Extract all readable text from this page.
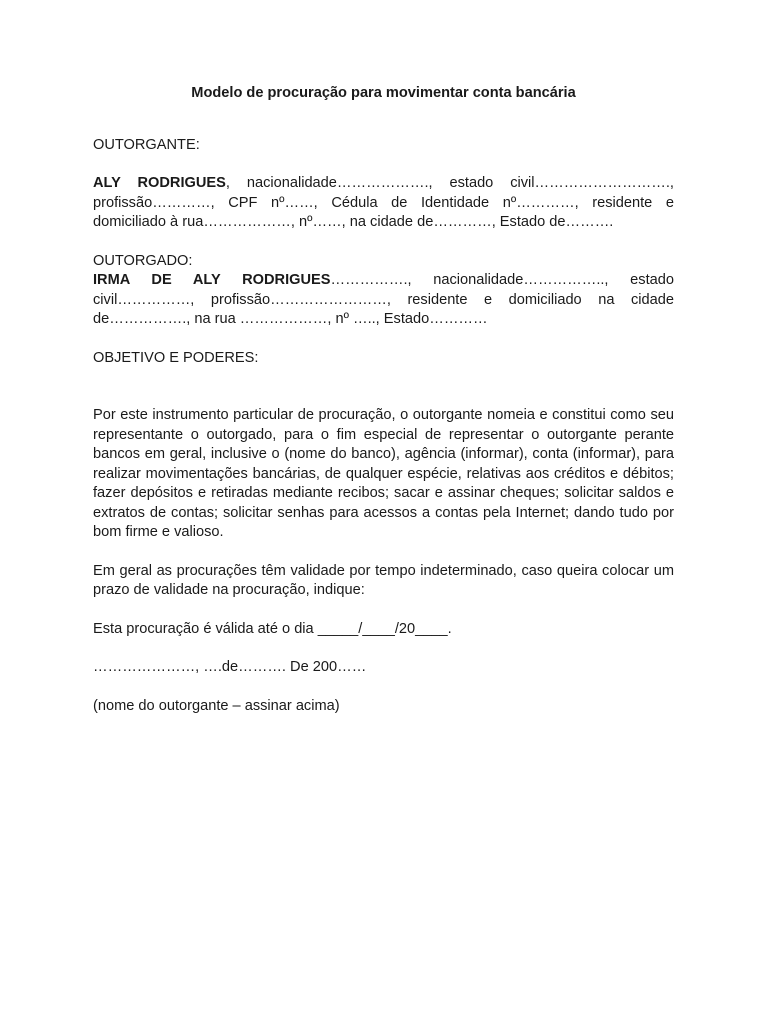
Modelo de procuração para movimentar conta bancária

OUTORGANTE:

ALY RODRIGUES, nacionalidade………………., estado civil………………………., profissão…………, CPF nº……, Cédula de Identidade nº…………, residente e domiciliado à rua………………, nº……, na cidade de…………, Estado de……….

OUTORGADO:

IRMA DE ALY RODRIGUES……………., nacionalidade…………….., estado civil……………, profissão……………………, residente e domiciliado na cidade de……………., na rua ………………, nº ….., Estado…………

OBJETIVO E PODERES:

Por este instrumento particular de procuração, o outorgante nomeia e constitui como seu representante o outorgado, para o fim especial de representar o outorgante perante bancos em geral, inclusive o (nome do banco), agência (informar), conta (informar), para realizar movimentações bancárias, de qualquer espécie, relativas aos créditos e débitos; fazer depósitos e retiradas mediante recibos; sacar e assinar cheques; solicitar saldos e extratos de contas; solicitar senhas para acessos a contas pela Internet; dando tudo por bom firme e valioso.

Em geral as procurações têm validade por tempo indeterminado, caso queira colocar um prazo de validade na procuração, indique:

Esta procuração é válida até o dia _____/____/20____.

…………………, ….de………. De 200……

(nome do outorgante – assinar acima)
